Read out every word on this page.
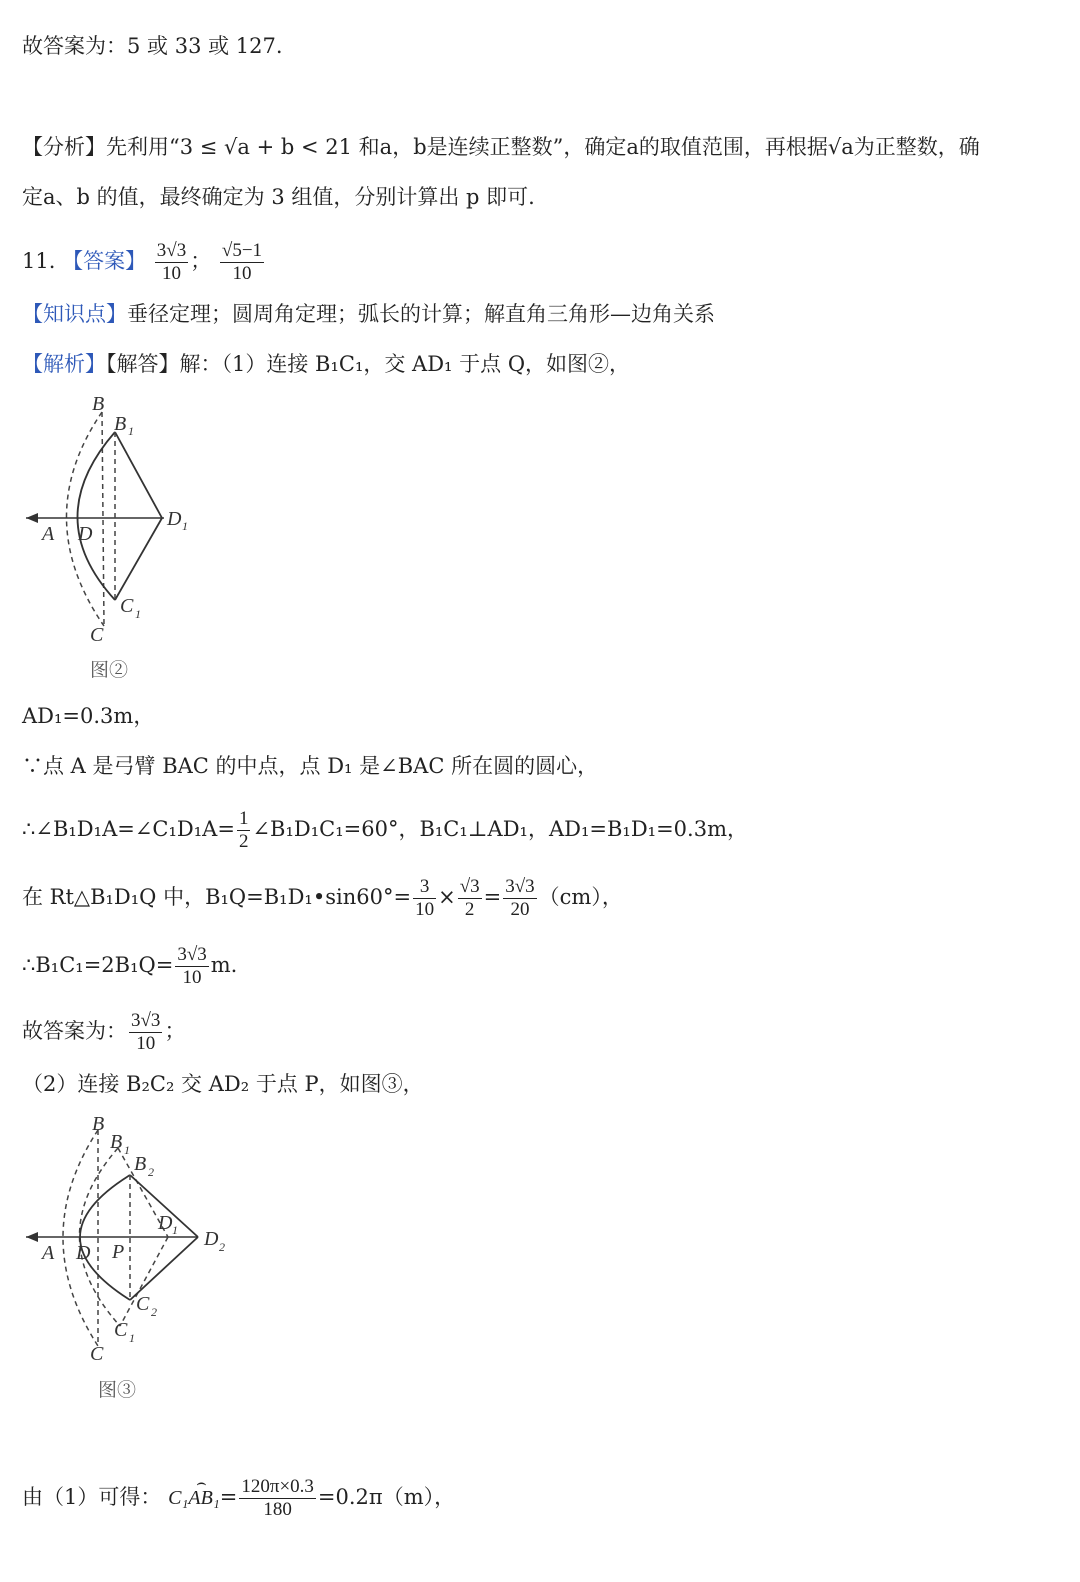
故答案为：5 或 33 或 127.
【分析】先利用“3 ≤ √a + b < 21 和a，b是连续正整数”，确定a的取值范围，再根据√a为正整数，确
定a、b 的值，最终确定为 3 组值，分别计算出 p 即可.
11. 【答案】 $\frac{3√3}{10}$ ； $\frac{√5-1}{10}$
【知识点】垂径定理；圆周角定理；弧长的计算；解直角三角形—边角关系
【解析】【解答】解：（1）连接 B₁C₁，交 AD₁ 于点 Q，如图②，
B
B 1
D 1
A D
C 1
C
图②
AD₁=0.3m，
∵点 A 是弓臂 BAC 的中点，点 D₁ 是∠BAC 所在圆的圆心，
∴∠B₁D₁A=∠C₁D₁A= $\frac{1}{2}$ ∠B₁D₁C₁=60°，B₁C₁⊥AD₁，AD₁=B₁D₁=0.3m，
在 Rt△B₁D₁Q 中，B₁Q=B₁D₁•sin60°= $\frac{3}{10} \times \frac{√3}{2} = \frac{3√3}{20} (cm)$，
∴B₁C₁=2B₁Q= $\frac{3√3}{10} m$.
故答案为： $\frac{3√3}{10}$ ；
（2）连接 B₂C₂ 交 AD₂ 于点 P，如图③，
B
B 1
B 2
D 1 D 2
A D P
C 2
C 1
C
图③
由（1）可得：
⌢
$C_1AB_1= \frac{120\pi\times 0.3}{180} =0.2\pi(m)$，
